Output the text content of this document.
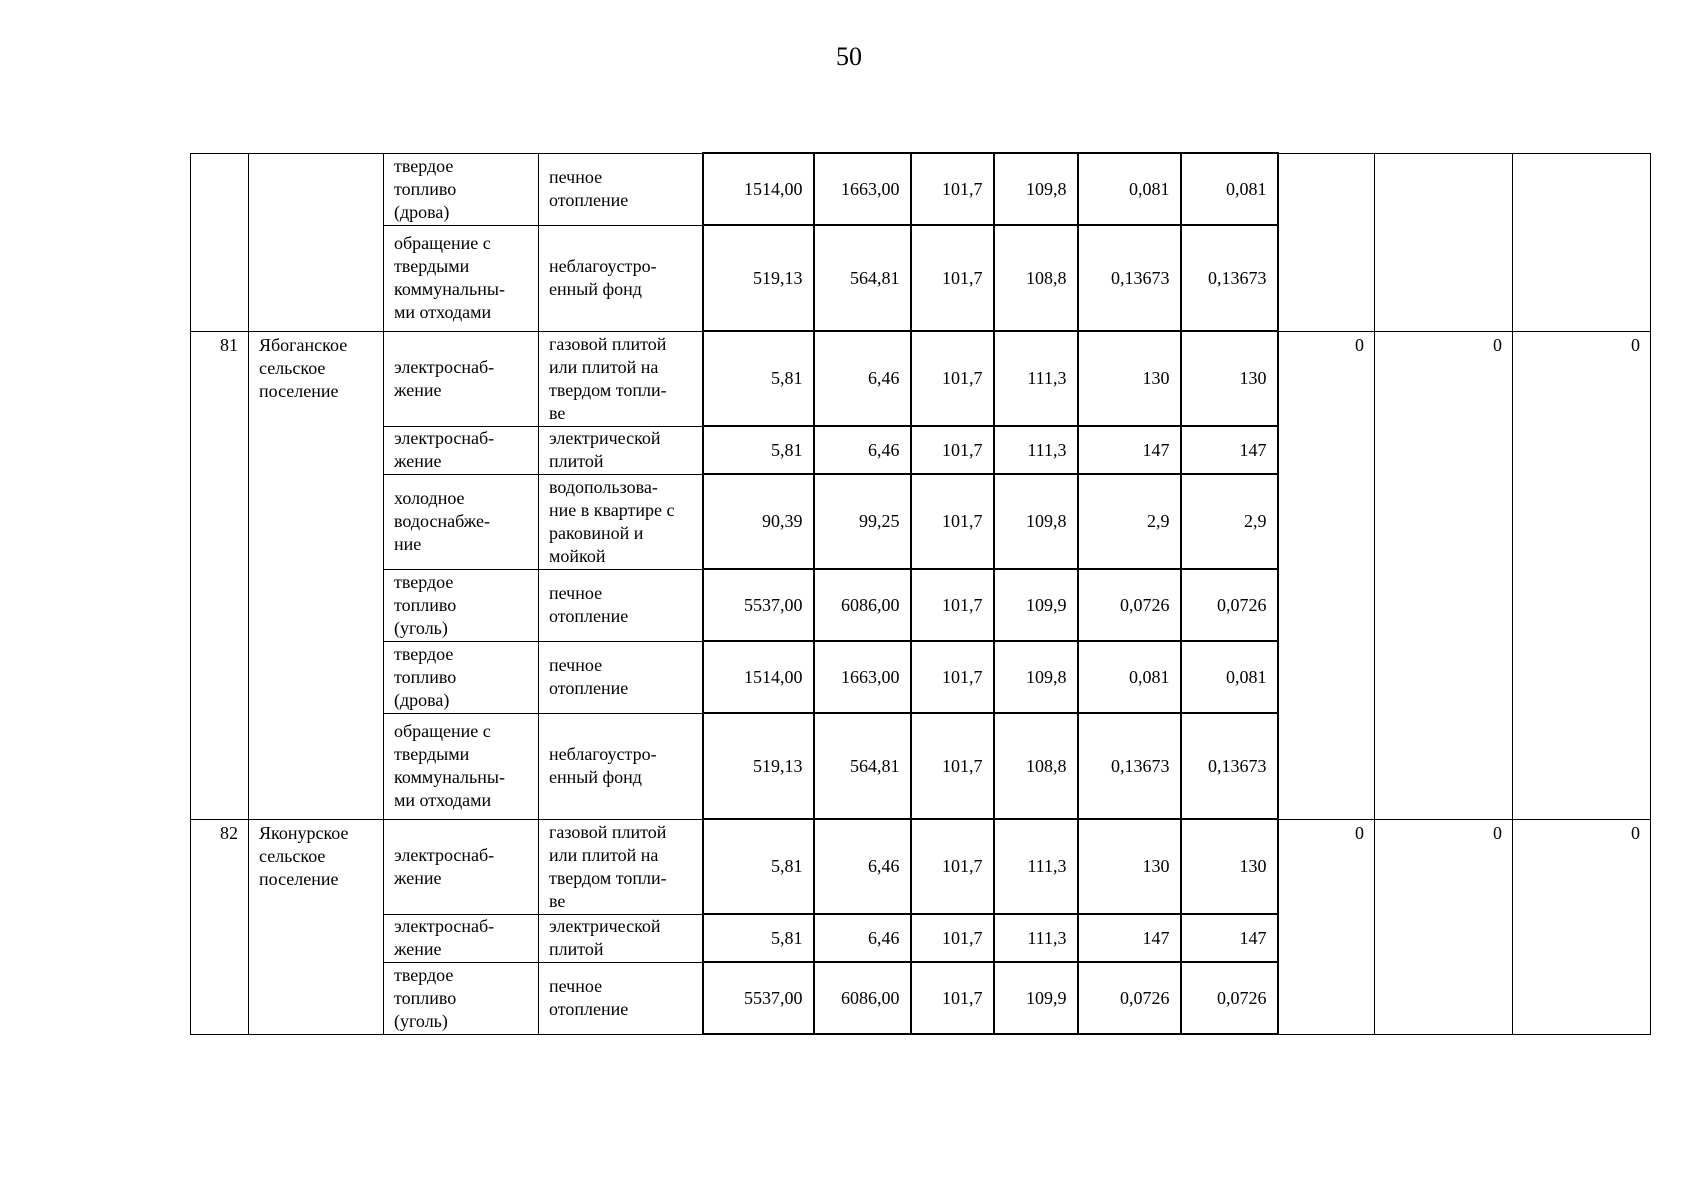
50
		твердое
топливо
(дрова)	печное
отопление	1514,00	1663,00	101,7	109,8	0,081	0,081			
		обращение с
твердыми
коммунальны-
ми отходами	неблагоустро-
енный фонд	519,13	564,81	101,7	108,8	0,13673	0,13673			
81	Ябоганское
сельское
поселение	электроснаб-
жение	газовой плитой
или плитой на
твердом топли-
ве	5,81	6,46	101,7	111,3	130	130	0	0	0
		электроснаб-
жение	электрической
плитой	5,81	6,46	101,7	111,3	147	147			
		холодное
водоснабже-
ние	водопользова-
ние в квартире с
раковиной и
мойкой	90,39	99,25	101,7	109,8	2,9	2,9			
		твердое
топливо
(уголь)	печное
отопление	5537,00	6086,00	101,7	109,9	0,0726	0,0726			
		твердое
топливо
(дрова)	печное
отопление	1514,00	1663,00	101,7	109,8	0,081	0,081			
		обращение с
твердыми
коммунальны-
ми отходами	неблагоустро-
енный фонд	519,13	564,81	101,7	108,8	0,13673	0,13673			
82	Яконурское
сельское
поселение	электроснаб-
жение	газовой плитой
или плитой на
твердом топли-
ве	5,81	6,46	101,7	111,3	130	130	0	0	0
		электроснаб-
жение	электрической
плитой	5,81	6,46	101,7	111,3	147	147			
		твердое
топливо
(уголь)	печное
отопление	5537,00	6086,00	101,7	109,9	0,0726	0,0726			
